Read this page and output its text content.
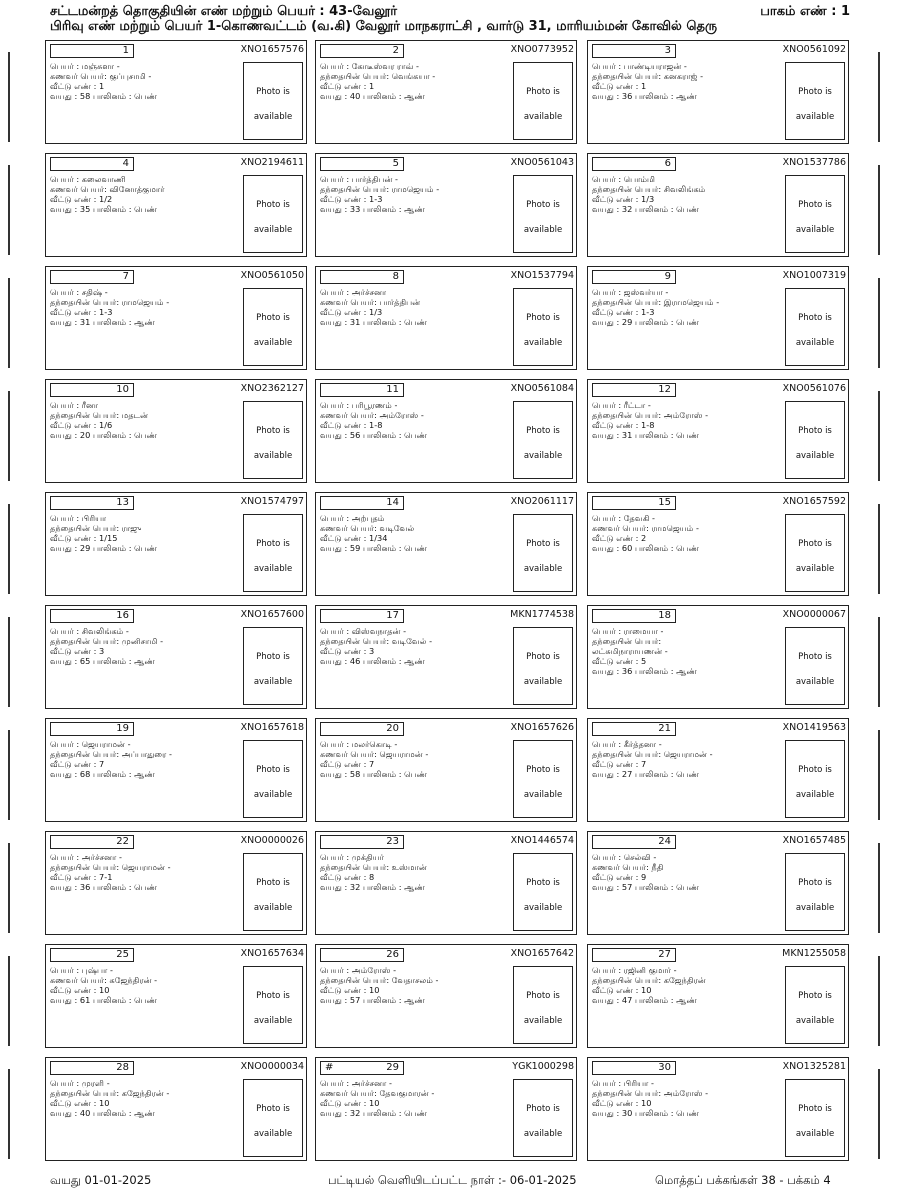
சட்டமன்றத் தொகுதியின் எண் மற்றும் பெயர் : 43-வேலூர்
பிரிவு எண் மற்றும் பெயர் 1-கொணவட்டம் (வ.கி) வேலூர் மாநகராட்சி , வார்டு 31, மாரியம்மன் கோவில் தெரு
பாகம் எண் : 1
1	XNO1657576
பெயர் : மஞ்சுளா -
கணவர் பெயர்: குப்புசாமி -
வீட்டு எண் : 1
வயது : 58 பாலினம் : பெண்	Photo is
available
2	XNO0773952
பெயர் : கோடீஸ்வர ராவ் -
தந்தையின் பெயர்: வெங்கயா -
வீட்டு எண் : 1
வயது : 40 பாலினம் : ஆண்	Photo is
available
3	XNO0561092
பெயர் : பாண்டியராஜன் -
தந்தையின் பெயர்: கனகராஜ் -
வீட்டு எண் : 1
வயது : 36 பாலினம் : ஆண்	Photo is
available
4	XNO2194611
பெயர் : கலைவாணி
கணவர் பெயர்: வினோத்குமார்
வீட்டு எண் : 1/2
வயது : 35 பாலினம் : பெண்	Photo is
available
5	XNO0561043
பெயர் : பார்த்திபன் -
தந்தையின் பெயர்: ராமஜெயம் -
வீட்டு எண் : 1-3
வயது : 33 பாலினம் : ஆண்	Photo is
available
6	XNO1537786
பெயர் : பொம்மி
தந்தையின் பெயர்: சிவலிங்கம்
வீட்டு எண் : 1/3
வயது : 32 பாலினம் : பெண்	Photo is
available
7	XNO0561050
பெயர் : சதிஷ் -
தந்தையின் பெயர்: ராமஜெயம் -
வீட்டு எண் : 1-3
வயது : 31 பாலினம் : ஆண்	Photo is
available
8	XNO1537794
பெயர் : அர்ச்சனா
கணவர் பெயர்: பார்த்திபன்
வீட்டு எண் : 1/3
வயது : 31 பாலினம் : பெண்	Photo is
available
9	XNO1007319
பெயர் : ஜஸ்வர்யா -
தந்தையின் பெயர்: இராமஜெயம் -
வீட்டு எண் : 1-3
வயது : 29 பாலினம் : பெண்	Photo is
available
10	XNO2362127
பெயர் : ரீனா
தந்தையின் பெயர்: மதடன்
வீட்டு எண் : 1/6
வயது : 20 பாலினம் : பெண்	Photo is
available
11	XNO0561084
பெயர் : பரிபூரணம் -
கணவர் பெயர்: அம்ரோஸ் -
வீட்டு எண் : 1-8
வயது : 56 பாலினம் : பெண்	Photo is
available
12	XNO0561076
பெயர் : ரீட்டா -
தந்தையின் பெயர்: அம்ரோஸ் -
வீட்டு எண் : 1-8
வயது : 31 பாலினம் : பெண்	Photo is
available
13	XNO1574797
பெயர் : பிரியா
தந்தையின் பெயர்: ராஜு
வீட்டு எண் : 1/15
வயது : 29 பாலினம் : பெண்	Photo is
available
14	XNO2061117
பெயர் : அற்புதம்
கணவர் பெயர்: வடிவேல்
வீட்டு எண் : 1/34
வயது : 59 பாலினம் : பெண்	Photo is
available
15	XNO1657592
பெயர் : தேவகி -
கணவர் பெயர்: ராமஜெயம் -
வீட்டு எண் : 2
வயது : 60 பாலினம் : பெண்	Photo is
available
16	XNO1657600
பெயர் : சிவலிங்கம் -
தந்தையின் பெயர்: முனிசாமி -
வீட்டு எண் : 3
வயது : 65 பாலினம் : ஆண்	Photo is
available
17	MKN1774538
பெயர் : விஸ்வநாதன் -
தந்தையின் பெயர்: வடிவேல் -
வீட்டு எண் : 3
வயது : 46 பாலினம் : ஆண்	Photo is
available
18	XNO0000067
பெயர் : ராமையா -
தந்தையின் பெயர்:
லட்சுமிநாராயணன் -
வீட்டு எண் : 5
வயது : 36 பாலினம் : ஆண்
Photo is
available
19	XNO1657618
பெயர் : ஜெயராமன் -
தந்தையின் பெயர்: அப்பாதுரை -
வீட்டு எண் : 7
வயது : 68 பாலினம் : ஆண்	Photo is
available
20	XNO1657626
பெயர் : மலர்கொடி -
கணவர் பெயர்: ஜெயராமன் -
வீட்டு எண் : 7
வயது : 58 பாலினம் : பெண்	Photo is
available
21	XNO1419563
பெயர் : கீர்த்தனா -
தந்தையின் பெயர்: ஜெயராமன் -
வீட்டு எண் : 7
வயது : 27 பாலினம் : பெண்	Photo is
available
22	XNO0000026
பெயர் : அர்ச்சனா -
தந்தையின் பெயர்: ஜெயராமன் -
வீட்டு எண் : 7-1
வயது : 36 பாலினம் : பெண்	Photo is
available
23	XNO1446574
பெயர் : முக்தியர்
தந்தையின் பெயர்: உஸ்மான்
வீட்டு எண் : 8
வயது : 32 பாலினம் : ஆண்	Photo is
available
24	XNO1657485
பெயர் : செல்வி -
கணவர் பெயர்: நீதி
வீட்டு எண் : 9
வயது : 57 பாலினம் : பெண்	Photo is
available
25	XNO1657634
பெயர் : புஷ்பா -
கணவர் பெயர்: கஜேந்திரன் -
வீட்டு எண் : 10
வயது : 61 பாலினம் : பெண்	Photo is
available
26	XNO1657642
பெயர் : அம்ரோஸ் -
தந்தையின் பெயர்: வேதாசலம் -
வீட்டு எண் : 10
வயது : 57 பாலினம் : ஆண்	Photo is
available
27	MKN1255058
பெயர் : ரஜினி குமார் -
தந்தையின் பெயர்: கஜேந்திரன்
வீட்டு எண் : 10
வயது : 47 பாலினம் : ஆண்	Photo is
available
28	XNO0000034
பெயர் : முரளி -
தந்தையின் பெயர்: கஜேந்திரன் -
வீட்டு எண் : 10
வயது : 40 பாலினம் : ஆண்	Photo is
available
#	29	YGK1000298
பெயர் : அர்ச்சனா -
கணவர் பெயர்: தேவகுமாரன் -
வீட்டு எண் : 10
வயது : 32 பாலினம் : பெண்	Photo is
available
30	XNO1325281
பெயர் : பிரியா -
தந்தையின் பெயர்: அம்ரோஸ் -
வீட்டு எண் : 10
வயது : 30 பாலினம் : பெண்	Photo is
available
வயது 01-01-2025	பட்டியல் வெளியிடப்பட்ட நாள் :- 06-01-2025	மொத்தப் பக்கங்கள் 38 - பக்கம் 4
